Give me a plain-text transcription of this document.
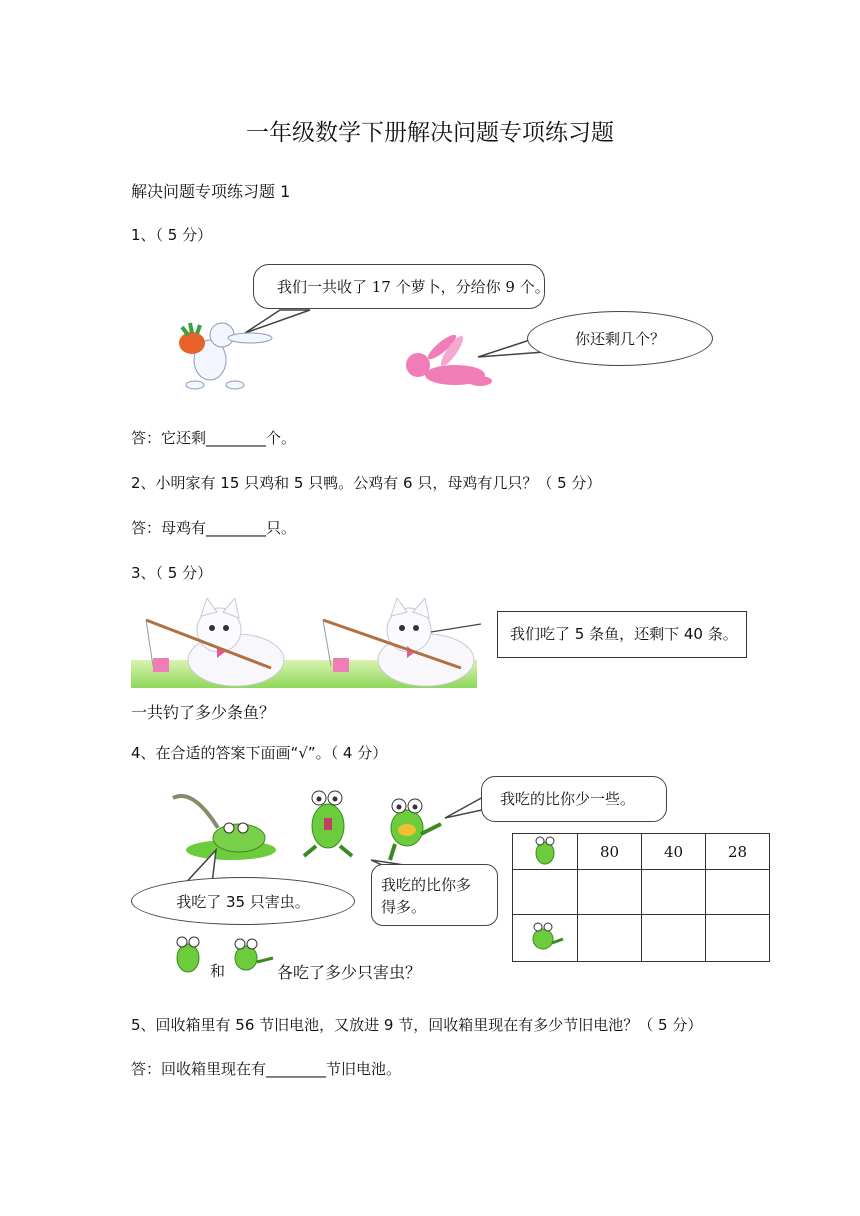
一年级数学下册解决问题专项练习题
解决问题专项练习题 1
1、（ 5 分）
我们一共收了 17 个萝卜，分给你 9 个。
你还剩几个？
答：它还剩________个。
2、小明家有 15 只鸡和 5 只鸭。公鸡有 6 只，母鸡有几只？（ 5 分）
答：母鸡有________只。
3、（ 5 分）
我们吃了 5 条鱼，还剩下 40 条。
一共钓了多少条鱼？
4、在合适的答案下面画“√”。（ 4 分）
我吃的比你少一些。
我吃了 35 只害虫。
我吃的比你多
得多。
和	各吃了多少只害虫？
	80	40	28

5、回收箱里有 56 节旧电池，又放进 9 节，回收箱里现在有多少节旧电池？（ 5 分）
答：回收箱里现在有________节旧电池。
